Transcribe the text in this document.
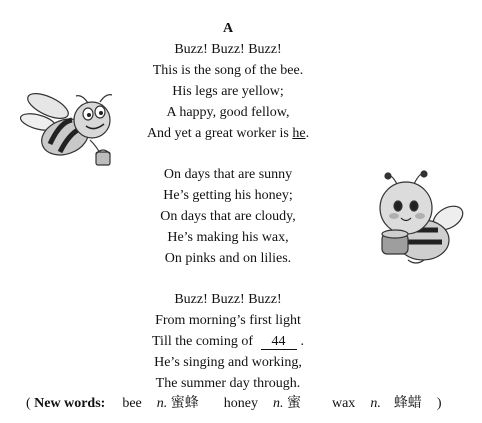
A
Buzz! Buzz! Buzz!
This is the song of the bee.
His legs are yellow;
A happy, good fellow,
And yet a great worker is he.
On days that are sunny
He’s getting his honey;
On days that are cloudy,
He’s making his wax,
On pinks and on lilies.
Buzz! Buzz! Buzz!
From morning’s first light
Till the coming of 44 .
He’s singing and working,
The summer day through.
( New words: bee n. 蜜蜂 honey n. 蜜 wax n. 蜂蜡 )
